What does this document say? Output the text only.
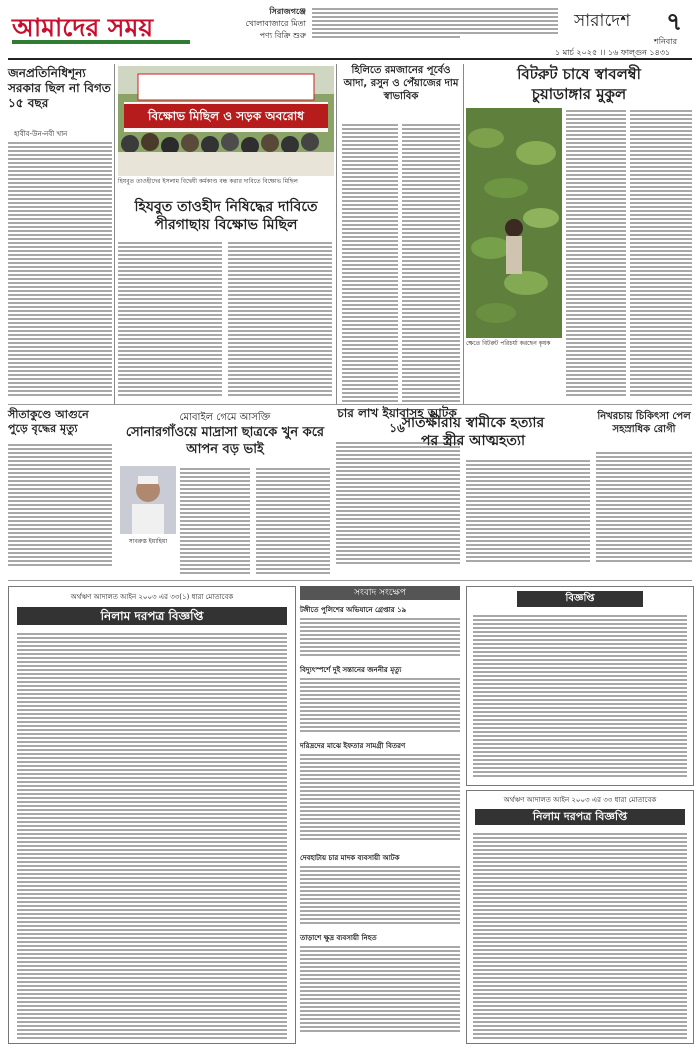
আমাদের সময়
সিরাজগঞ্জে
খোলাবাজারে মিতা
পণ্য বিক্রি শুরু
সারাদেশ ৭
শনিবার
১ মার্চ ২০২৫ ।। ১৬ ফাল্গুন ১৪৩১
জনপ্রতিনিধিশূন্য সরকার ছিল না বিগত ১৫ বছর
হাবীব-উন-নবী খান
সীতাকুণ্ডে আগুনে পুড়ে বৃদ্ধের মৃত্যু
বিক্ষোভ মিছিল ও সড়ক অবরোধ
হিযবুত তাওহীদের ইসলাম বিদ্বেষী কর্মকাণ্ড বন্ধ করার দাবিতে বিক্ষোভ মিছিল
হিযবুত তাওহীদ নিষিদ্ধের দাবিতে
পীরগাছায় বিক্ষোভ মিছিল
হিলিতে রমজানের পূর্বেও আদা, রসুন ও পেঁয়াজের দাম স্বাভাবিক
বিটরুট চাষে স্বাবলম্বী
চুয়াডাঙ্গার মুকুল
ক্ষেতে বিটরুট পরিচর্যা করছেন কৃষক
মোবাইল গেমে আসক্তি
সোনারগাঁওয়ে মাদ্রাসা ছাত্রকে খুন করে আপন বড় ভাই
সাবরুস্ত ইয়াহিয়া
চার লাখ ইয়াবাসহ আটক ১৬
সাতক্ষীরায় স্বামীকে হত্যার
পর স্ত্রীর আত্মহত্যা
নিখরচায় চিকিৎসা পেল সহস্রাধিক রোগী
অর্থঋণ আদালত আইন ২০০৩ এর ৩৩(১) ধারা মোতাবেক
নিলাম দরপত্র বিজ্ঞপ্তি
সংবাদ সংক্ষেপ
টঙ্গীতে পুলিশের অভিযানে গ্রেপ্তার ১৯
বিদ্যুৎস্পর্শে দুই সন্তানের জননীর মৃত্যু
দরিদ্রদের মাঝে ইফতার সামগ্রী বিতরণ
দেবহাটায় চার মাদক ব্যবসায়ী আটক
তাড়াশে ক্ষুদ্র ব্যবসায়ী নিহত
বিজ্ঞপ্তি
অর্থঋণ আদালত আইন ২০০৩ এর ৩৩ ধারা মোতাবেক
নিলাম দরপত্র বিজ্ঞপ্তি
